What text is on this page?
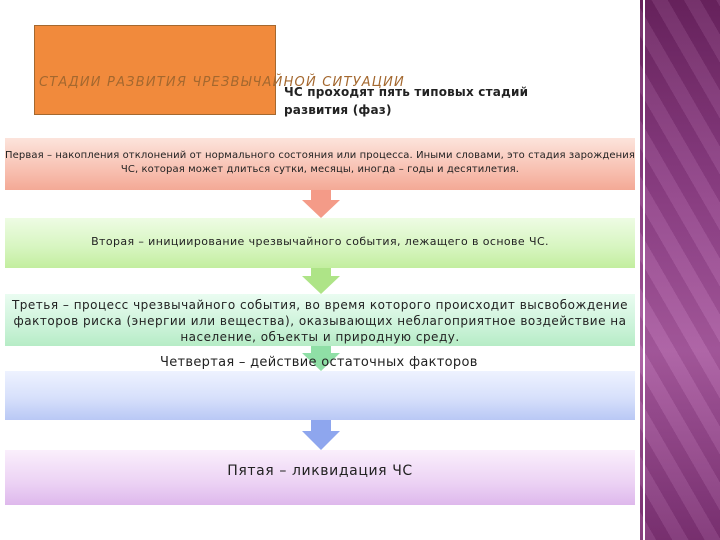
СТАДИИ РАЗВИТИЯ ЧРЕЗВЫЧАЙНОЙ СИТУАЦИИ
ЧС проходят пять типовых стадий развития (фаз)
Первая – накопления отклонений от нормального состояния или процесса. Иными словами, это стадия зарождения ЧС, которая может длиться сутки, месяцы, иногда – годы и десятилетия.
Вторая – инициирование чрезвычайного события, лежащего в основе ЧС.
Третья – процесс чрезвычайного события, во время которого происходит высвобождение факторов риска (энергии или вещества), оказывающих неблагоприятное воздействие на население, объекты и природную среду.
Четвертая – действие остаточных факторов
Пятая – ликвидация ЧС
